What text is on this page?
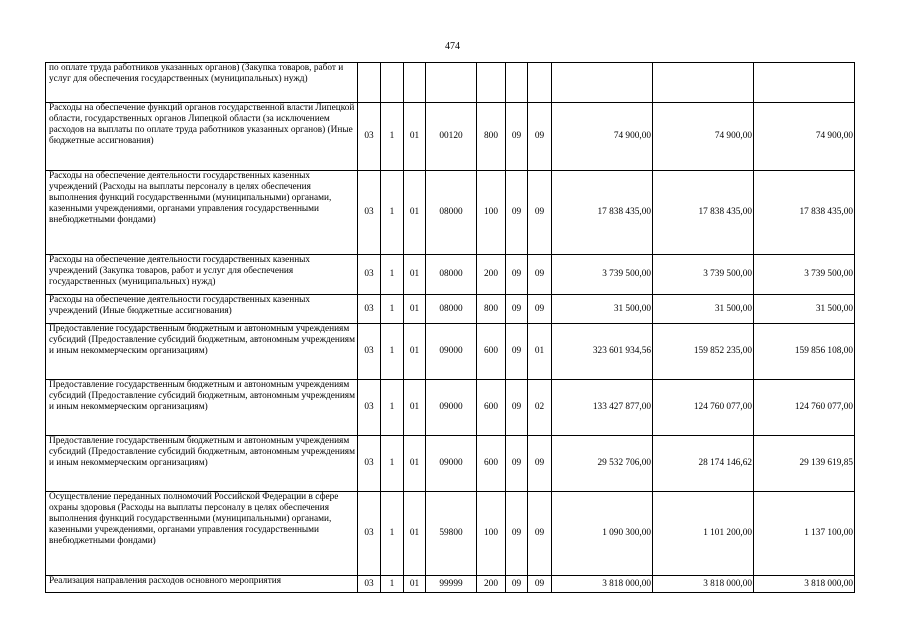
474
по оплате труда работников указанных органов) (Закупка товаров, работ и услуг для обеспечения государственных (муниципальных) нужд)										
Расходы на обеспечение функций органов государственной власти Липецкой области, государственных органов Липецкой области (за исключением расходов на выплаты по оплате труда работников указанных органов) (Иные бюджетные ассигнования)	03	1	01	00120	800	09	09	74 900,00	74 900,00	74 900,00
Расходы на обеспечение деятельности государственных казенных учреждений (Расходы на выплаты персоналу в целях обеспечения выполнения функций государственными (муниципальными) органами, казенными учреждениями, органами управления государственными внебюджетными фондами)	03	1	01	08000	100	09	09	17 838 435,00	17 838 435,00	17 838 435,00
Расходы на обеспечение деятельности государственных казенных учреждений (Закупка товаров, работ и услуг для обеспечения государственных (муниципальных) нужд)	03	1	01	08000	200	09	09	3 739 500,00	3 739 500,00	3 739 500,00
Расходы на обеспечение деятельности государственных казенных учреждений (Иные бюджетные ассигнования)	03	1	01	08000	800	09	09	31 500,00	31 500,00	31 500,00
Предоставление государственным бюджетным и автономным учреждениям субсидий (Предоставление субсидий бюджетным, автономным учреждениям и иным некоммерческим организациям)	03	1	01	09000	600	09	01	323 601 934,56	159 852 235,00	159 856 108,00
Предоставление государственным бюджетным и автономным учреждениям субсидий (Предоставление субсидий бюджетным, автономным учреждениям и иным некоммерческим организациям)	03	1	01	09000	600	09	02	133 427 877,00	124 760 077,00	124 760 077,00
Предоставление государственным бюджетным и автономным учреждениям субсидий (Предоставление субсидий бюджетным, автономным учреждениям и иным некоммерческим организациям)	03	1	01	09000	600	09	09	29 532 706,00	28 174 146,62	29 139 619,85
Осуществление переданных полномочий Российской Федерации в сфере охраны здоровья (Расходы на выплаты персоналу в целях обеспечения выполнения функций государственными (муниципальными) органами, казенными учреждениями, органами управления государственными внебюджетными фондами)	03	1	01	59800	100	09	09	1 090 300,00	1 101 200,00	1 137 100,00
Реализация направления расходов основного мероприятия	03	1	01	99999	200	09	09	3 818 000,00	3 818 000,00	3 818 000,00
